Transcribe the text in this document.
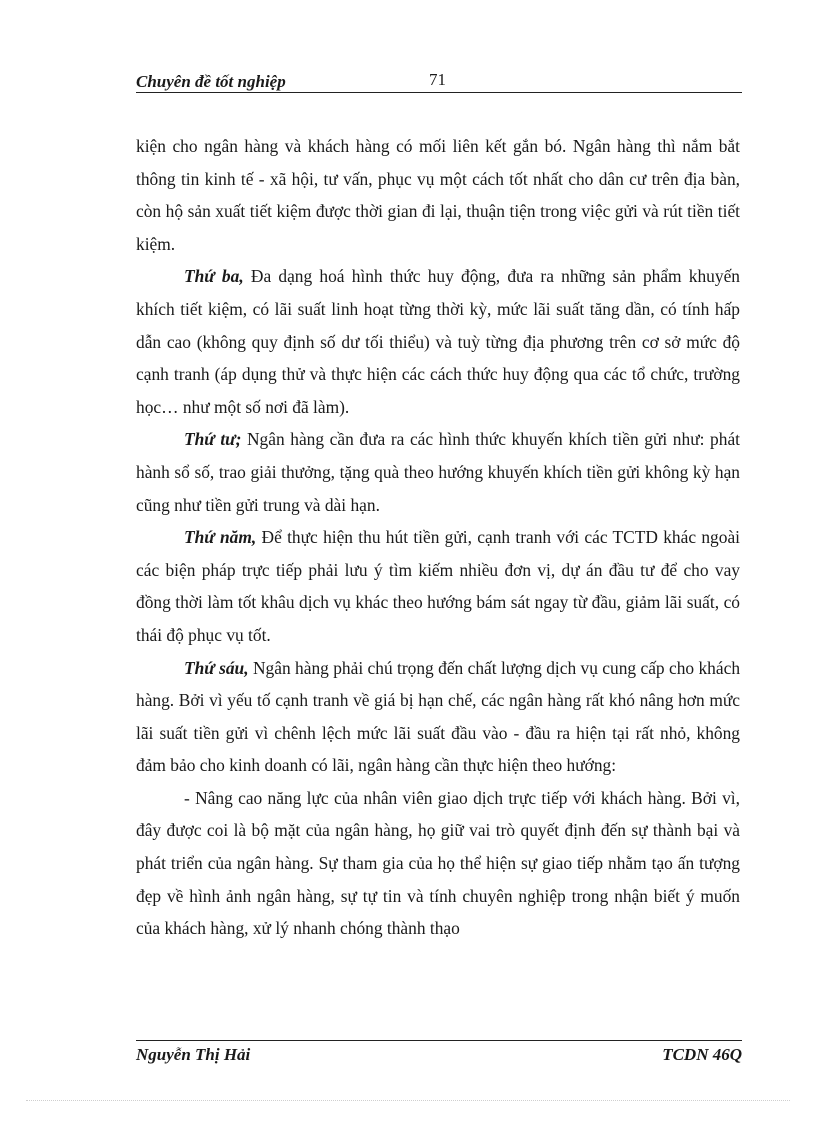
Chuyên đề tốt nghiệp	71

kiện cho ngân hàng và khách hàng có mối liên kết gắn bó. Ngân hàng thì nắm bắt thông tin kinh tế - xã hội, tư vấn, phục vụ một cách tốt nhất cho dân cư trên địa bàn, còn hộ sản xuất tiết kiệm được thời gian đi lại, thuận tiện trong việc gửi và rút tiền tiết kiệm.

Thứ ba, Đa dạng hoá hình thức huy động, đưa ra những sản phẩm khuyến khích tiết kiệm, có lãi suất linh hoạt từng thời kỳ, mức lãi suất tăng dần, có tính hấp dẫn cao (không quy định số dư tối thiểu) và tuỳ từng địa phương trên cơ sở mức độ cạnh tranh (áp dụng thử và thực hiện các cách thức huy động qua các tổ chức, trường học… như một số nơi đã làm).

Thứ tư; Ngân hàng cần đưa ra các hình thức khuyến khích tiền gửi như: phát hành sổ số, trao giải thưởng, tặng quà theo hướng khuyến khích tiền gửi không kỳ hạn cũng như tiền gửi trung và dài hạn.

Thứ năm, Để thực hiện thu hút tiền gửi, cạnh tranh với các TCTD khác ngoài các biện pháp trực tiếp phải lưu ý tìm kiếm nhiều đơn vị, dự án đầu tư để cho vay đồng thời làm tốt khâu dịch vụ khác theo hướng bám sát ngay từ đầu, giảm lãi suất, có thái độ phục vụ tốt.

Thứ sáu, Ngân hàng phải chú trọng đến chất lượng dịch vụ cung cấp cho khách hàng. Bởi vì yếu tố cạnh tranh về giá bị hạn chế, các ngân hàng rất khó nâng hơn mức lãi suất tiền gửi vì chênh lệch mức lãi suất đầu vào - đầu ra hiện tại rất nhỏ, không đảm bảo cho kinh doanh có lãi, ngân hàng cần thực hiện theo hướng:

- Nâng cao năng lực của nhân viên giao dịch trực tiếp với khách hàng. Bởi vì, đây được coi là bộ mặt của ngân hàng, họ giữ vai trò quyết định đến sự thành bại và phát triển của ngân hàng. Sự tham gia của họ thể hiện sự giao tiếp nhằm tạo ấn tượng đẹp về hình ảnh ngân hàng, sự tự tin và tính chuyên nghiệp trong nhận biết ý muốn của khách hàng, xử lý nhanh chóng thành thạo

Nguyễn Thị Hải	TCDN 46Q
